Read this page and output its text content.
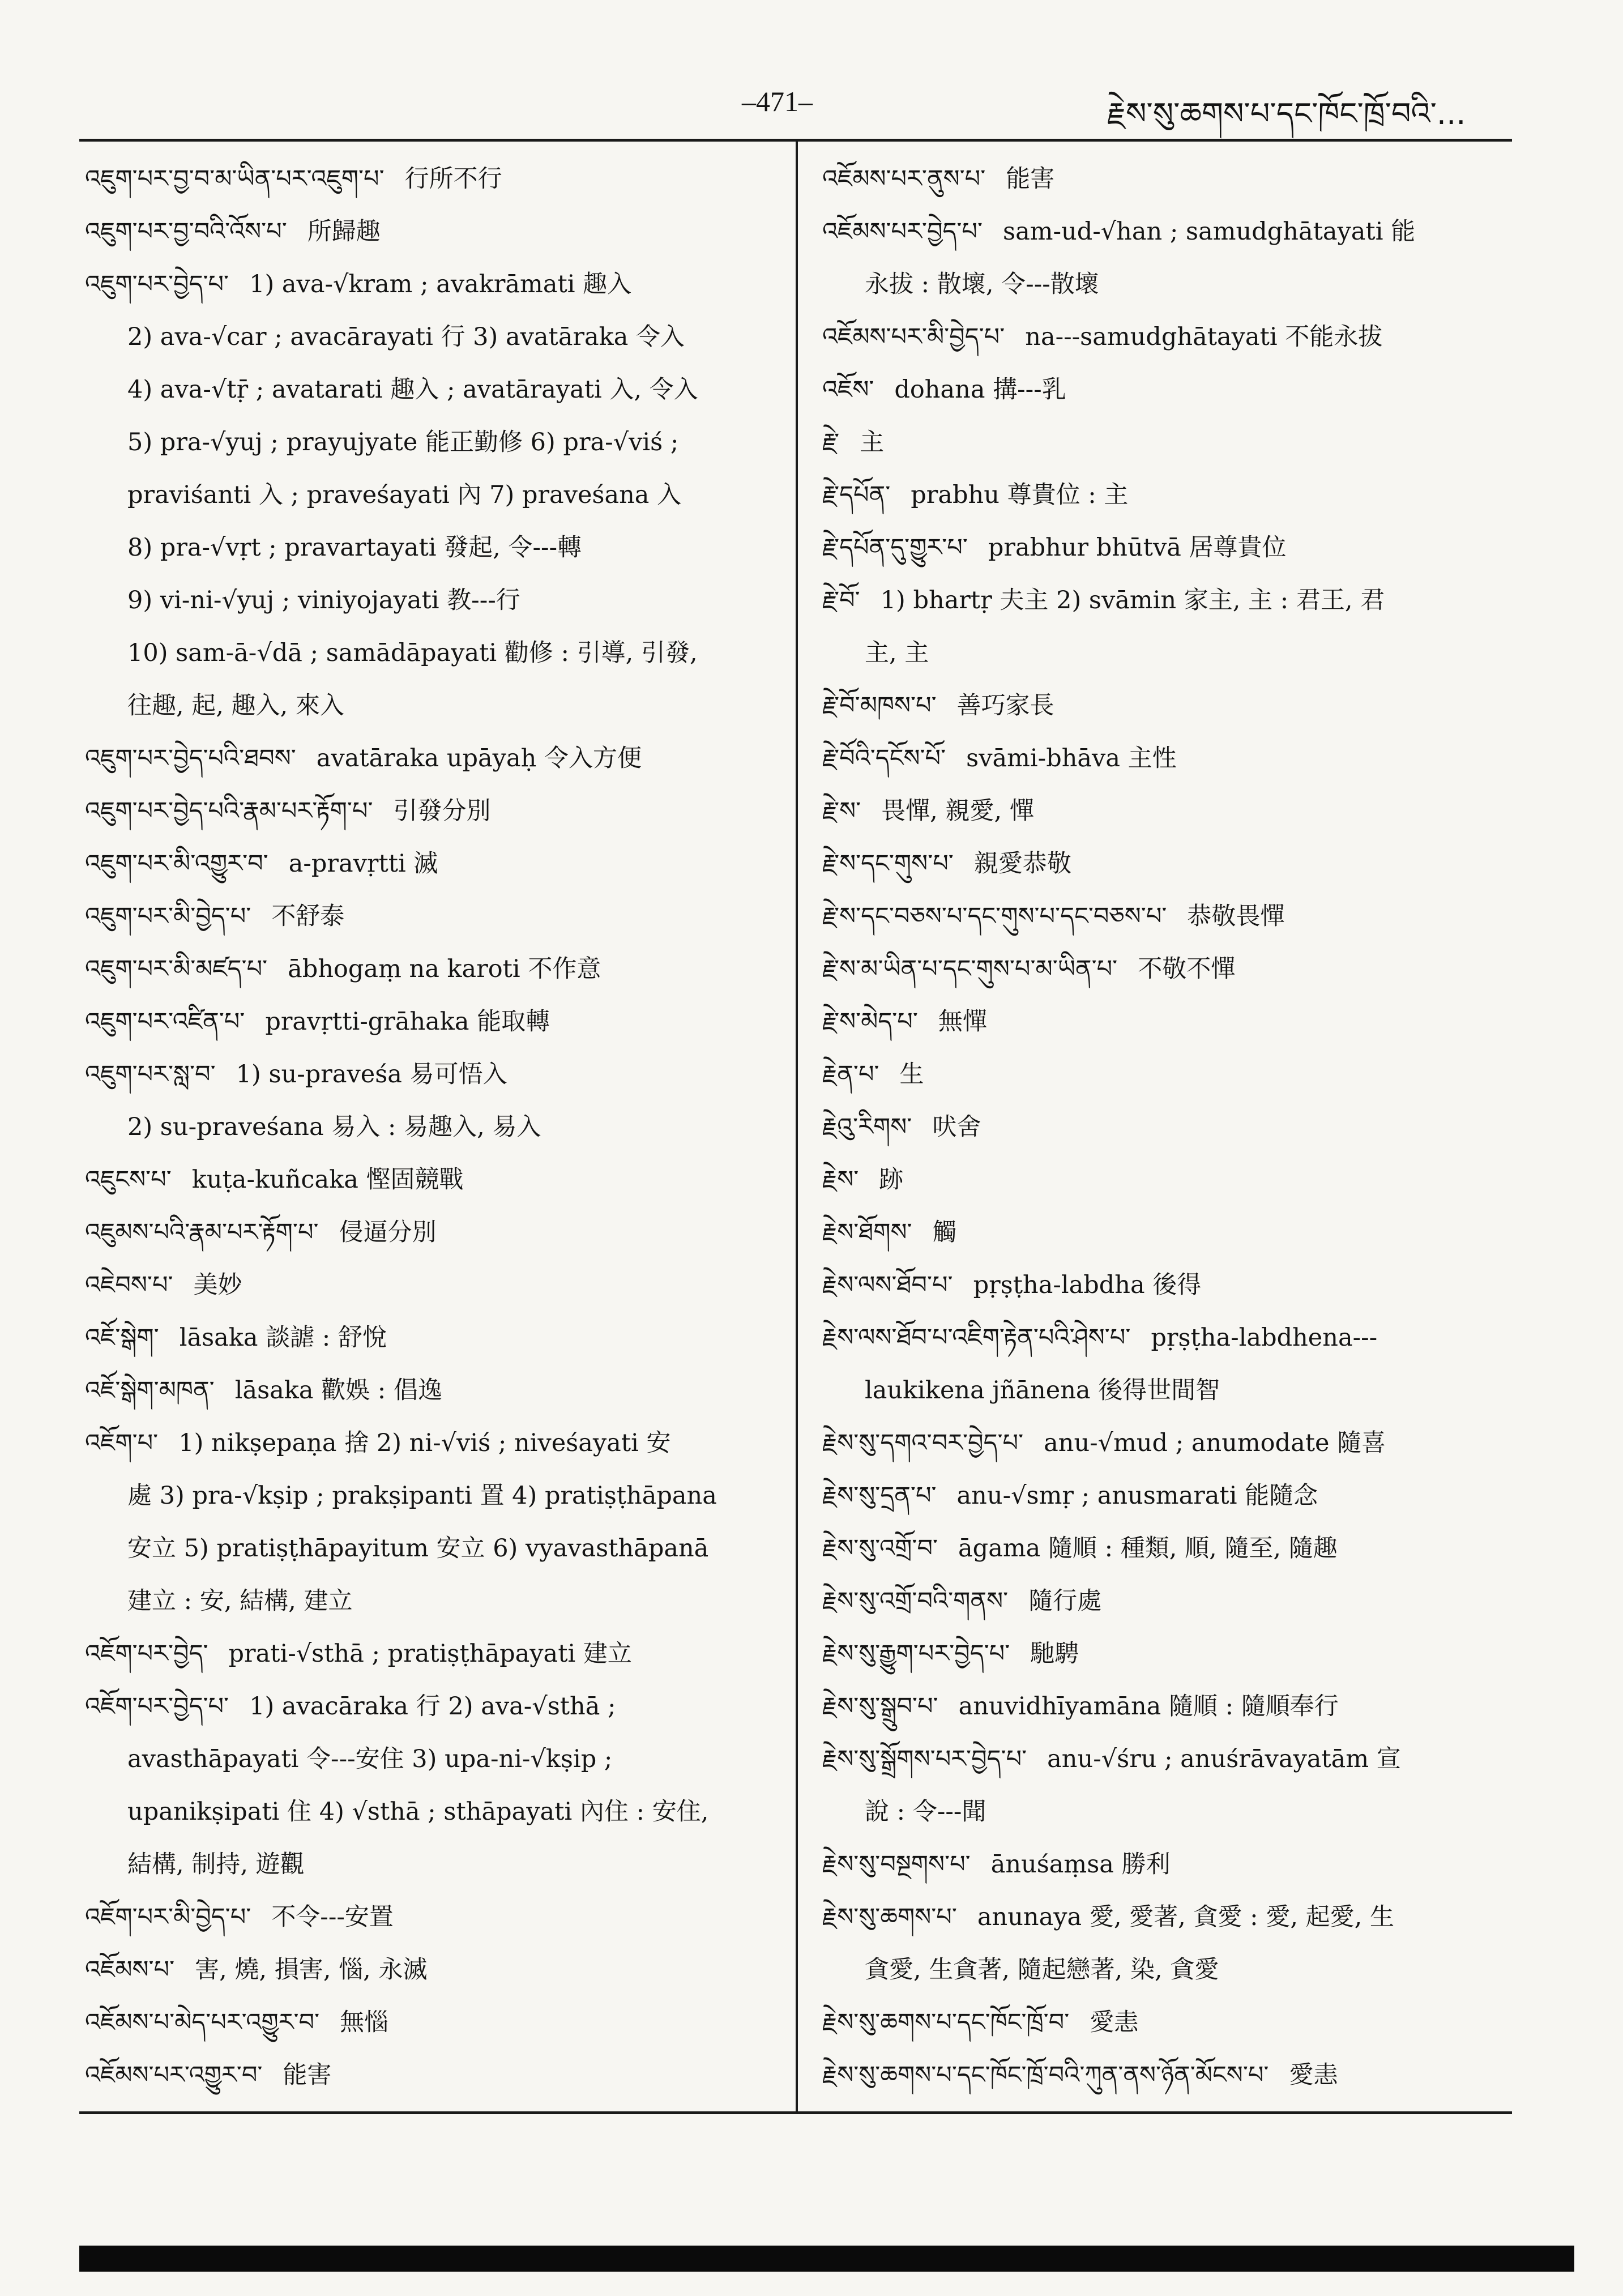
–471–	རྗེས་སུ་ཆགས་པ་དང་ཁོང་ཁྲོ་བའི་...
འཇུག་པར་བྱ་བ་མ་ཡིན་པར་འཇུག་པ་ 行所不行
འཇུག་པར་བྱ་བའི་འོས་པ་ 所歸趣
འཇུག་པར་བྱེད་པ་ 1) ava-√kram ; avakrāmati 趣入
2) ava-√car ; avacārayati 行 3) avatāraka 令入
4) ava-√tṝ ; avatarati 趣入 ; avatārayati 入, 令入
5) pra-√yuj ; prayujyate 能正勤修 6) pra-√viś ;
praviśanti 入 ; praveśayati 內 7) praveśana 入
8) pra-√vṛt ; pravartayati 發起, 令---轉
9) vi-ni-√yuj ; viniyojayati 教---行
10) sam-ā-√dā ; samādāpayati 勸修 : 引導, 引發,
往趣, 起, 趣入, 來入
འཇུག་པར་བྱེད་པའི་ཐབས་ avatāraka upāyaḥ 令入方便
འཇུག་པར་བྱེད་པའི་རྣམ་པར་རྟོག་པ་ 引發分別
འཇུག་པར་མི་འགྱུར་བ་ a-pravṛtti 滅
འཇུག་པར་མི་བྱེད་པ་ 不舒泰
འཇུག་པར་མི་མཛད་པ་ ābhogaṃ na karoti 不作意
འཇུག་པར་འཛིན་པ་ pravṛtti-grāhaka 能取轉
འཇུག་པར་སླ་བ་ 1) su-praveśa 易可悟入
2) su-praveśana 易入 : 易趣入, 易入
འཇུངས་པ་ kuṭa-kuñcaka 慳固競戰
འཇུམས་པའི་རྣམ་པར་རྟོག་པ་ 侵逼分別
འཇེབས་པ་ 美妙
འཇོ་སྒེག་ lāsaka 談謔 : 舒悅
འཇོ་སྒེག་མཁན་ lāsaka 歡娛 : 倡逸
འཇོག་པ་ 1) nikṣepaṇa 捨 2) ni-√viś ; niveśayati 安
處 3) pra-√kṣip ; prakṣipanti 置 4) pratiṣṭhāpana
安立 5) pratiṣṭhāpayitum 安立 6) vyavasthāpanā
建立 : 安, 結構, 建立
འཇོག་པར་བྱེད་ prati-√sthā ; pratiṣṭhāpayati 建立
འཇོག་པར་བྱེད་པ་ 1) avacāraka 行 2) ava-√sthā ;
avasthāpayati 令---安住 3) upa-ni-√kṣip ;
upanikṣipati 住 4) √sthā ; sthāpayati 內住 : 安住,
結構, 制持, 遊觀
འཇོག་པར་མི་བྱེད་པ་ 不令---安置
འཇོམས་པ་ 害, 燒, 損害, 惱, 永滅
འཇོམས་པ་མེད་པར་འགྱུར་བ་ 無惱
འཇོམས་པར་འགྱུར་བ་ 能害
འཇོམས་པར་ནུས་པ་ 能害
འཇོམས་པར་བྱེད་པ་ sam-ud-√han ; samudghātayati 能
永拔 : 散壞, 令---散壞
འཇོམས་པར་མི་བྱེད་པ་ na---samudghātayati 不能永拔
འཇོས་ dohana 搆---乳
རྗེ་ 主
རྗེ་དཔོན་ prabhu 尊貴位 : 主
རྗེ་དཔོན་དུ་གྱུར་པ་ prabhur bhūtvā 居尊貴位
རྗེ་བོ་ 1) bhartṛ 夫主 2) svāmin 家主, 主 : 君王, 君
主, 主
རྗེ་བོ་མཁས་པ་ 善巧家長
རྗེ་བོའི་དངོས་པོ་ svāmi-bhāva 主性
རྗེ་ས་ 畏憚, 親愛, 憚
རྗེ་ས་དང་གུས་པ་ 親愛恭敬
རྗེ་ས་དང་བཅས་པ་དང་གུས་པ་དང་བཅས་པ་ 恭敬畏憚
རྗེ་ས་མ་ཡིན་པ་དང་གུས་པ་མ་ཡིན་པ་ 不敬不憚
རྗེ་ས་མེད་པ་ 無憚
རྗེན་པ་ 生
རྗེའུ་རིགས་ 吠舍
རྗེས་ 跡
རྗེས་ཐོགས་ 觸
རྗེས་ལས་ཐོབ་པ་ pṛṣṭha-labdha 後得
རྗེས་ལས་ཐོབ་པ་འཇིག་རྟེན་པའི་ཤེས་པ་ pṛṣṭha-labdhena---
laukikena jñānena 後得世間智
རྗེས་སུ་དགའ་བར་བྱེད་པ་ anu-√mud ; anumodate 隨喜
རྗེས་སུ་དྲན་པ་ anu-√smṛ ; anusmarati 能隨念
རྗེས་སུ་འགྲོ་བ་ āgama 隨順 : 種類, 順, 隨至, 隨趣
རྗེས་སུ་འགྲོ་བའི་གནས་ 隨行處
རྗེས་སུ་རྒྱུག་པར་བྱེད་པ་ 馳騁
རྗེས་སུ་སྒྲུབ་པ་ anuvidhīyamāna 隨順 : 隨順奉行
རྗེས་སུ་སྒྲོགས་པར་བྱེད་པ་ anu-√śru ; anuśrāvayatām 宣
說 : 令---聞
རྗེས་སུ་བསྔགས་པ་ ānuśaṃsa 勝利
རྗེས་སུ་ཆགས་པ་ anunaya 愛, 愛著, 貪愛 : 愛, 起愛, 生
貪愛, 生貪著, 隨起戀著, 染, 貪愛
རྗེས་སུ་ཆགས་པ་དང་ཁོང་ཁྲོ་བ་ 愛恚
རྗེས་སུ་ཆགས་པ་དང་ཁོང་ཁྲོ་བའི་ཀུན་ནས་ཉོན་མོངས་པ་ 愛恚
